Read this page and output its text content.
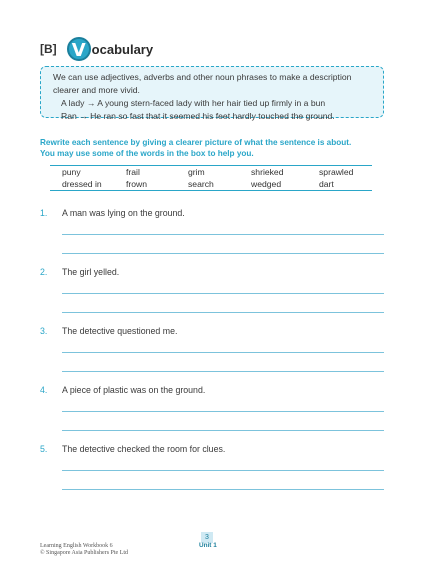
[B] V ocabulary
We can use adjectives, adverbs and other noun phrases to make a description
clearer and more vivid.
A lady → A young stern-faced lady with her hair tied up firmly in a bun
Ran → He ran so fast that it seemed his feet hardly touched the ground.
Rewrite each sentence by giving a clearer picture of what the sentence is about.
You may use some of the words in the box to help you.
puny	frail	grim	shrieked	sprawled
dressed in	frown	search	wedged	dart
1. A man was lying on the ground.
2. The girl yelled.
3. The detective questioned me.
4. A piece of plastic was on the ground.
5. The detective checked the room for clues.
Learning English Workbook 6
© Singapore Asia Publishers Pte Ltd
3
Unit 1
